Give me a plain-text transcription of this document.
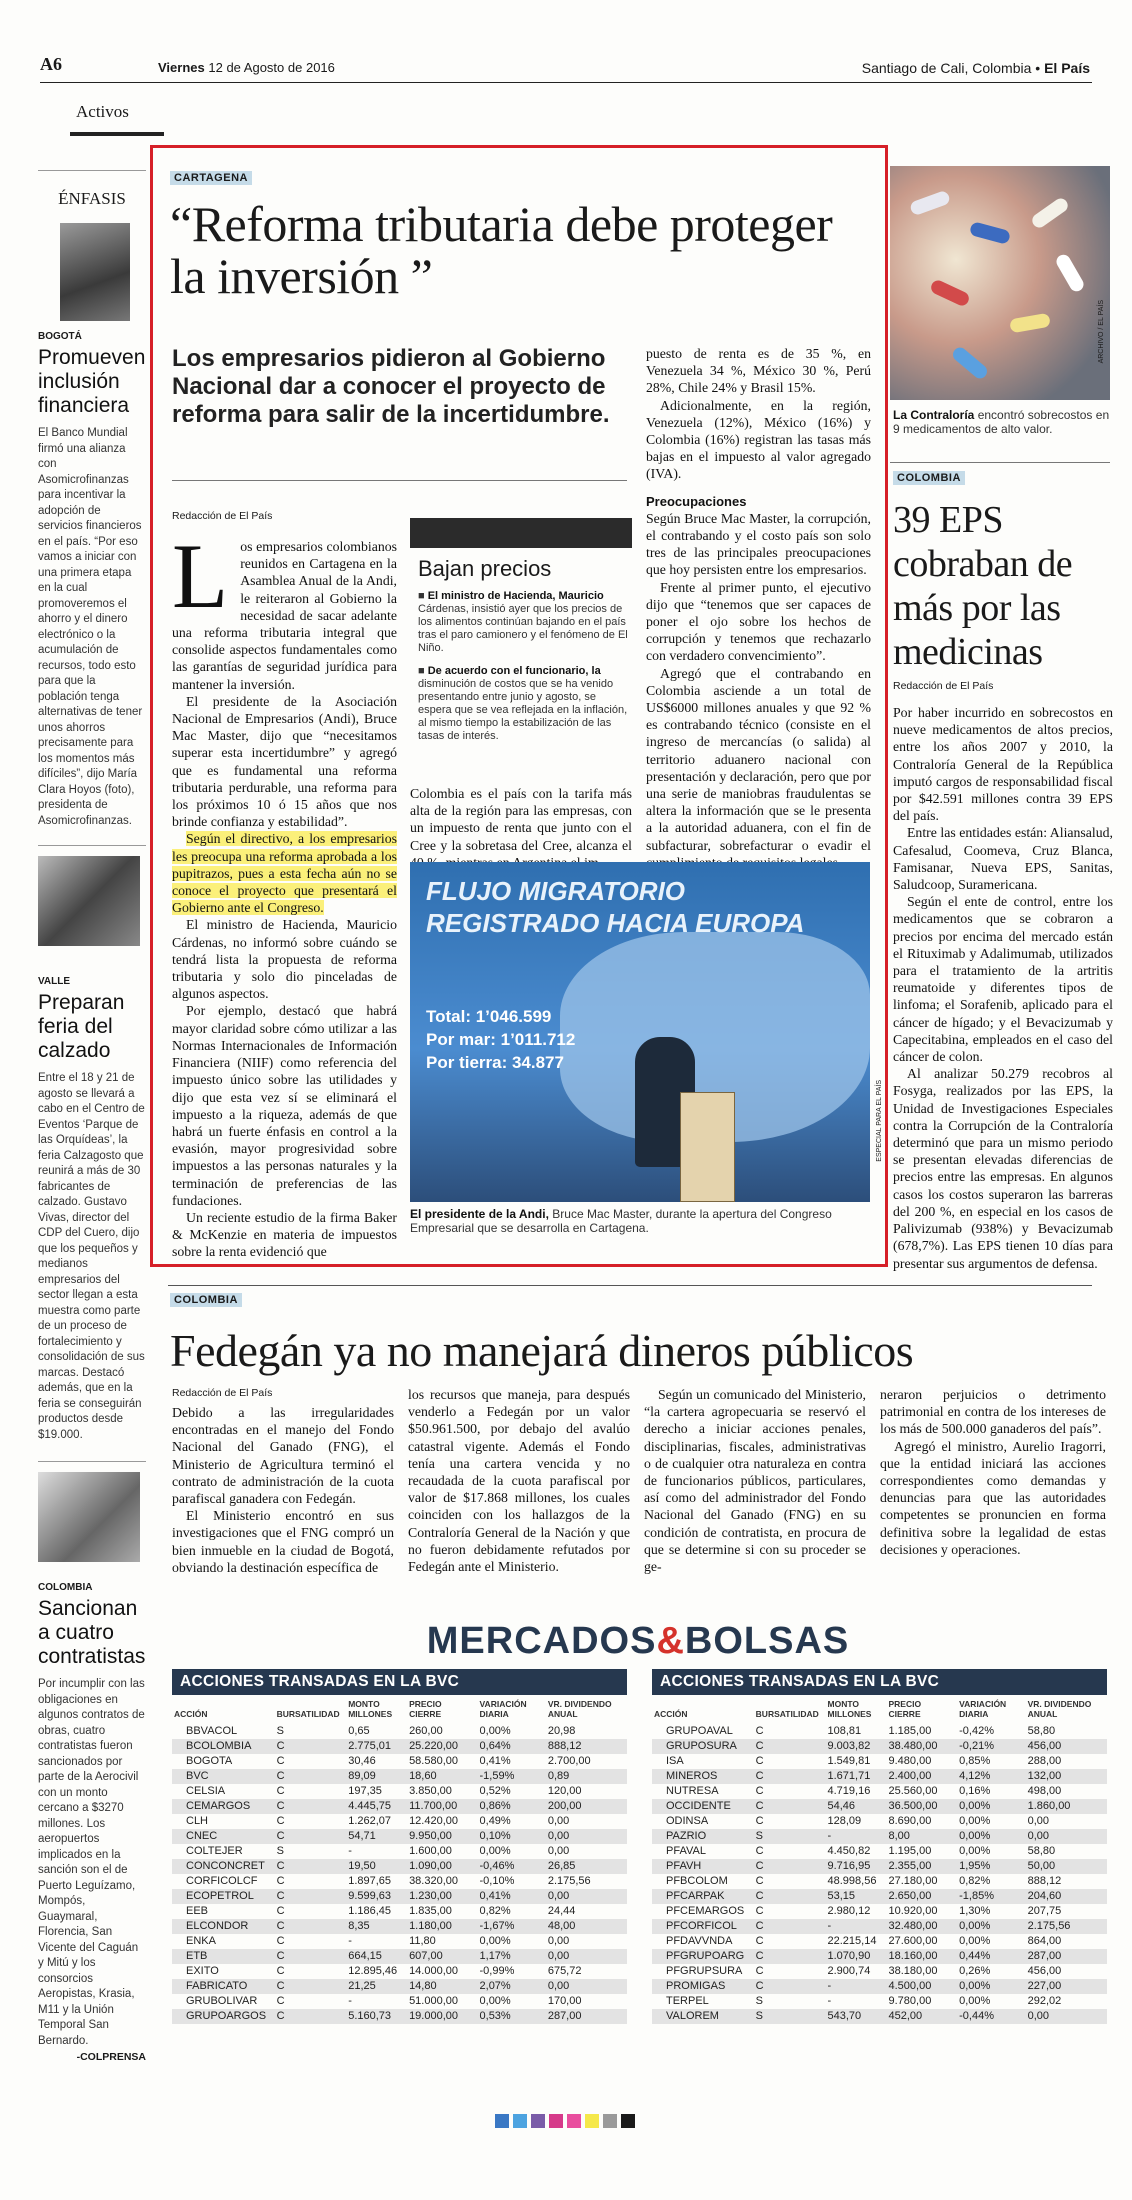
A6	Viernes 12 de Agosto de 2016	Santiago de Cali, Colombia • El País
Activos
ÉNFASIS
BOGOTÁ
Promueven inclusión financiera
El Banco Mundial firmó una alianza con Asomicrofinanzas para incentivar la adopción de servicios financieros en el país. “Por eso vamos a iniciar con una primera etapa en la cual promoveremos el ahorro y el dinero electrónico o la acumulación de recursos, todo esto para que la población tenga alternativas de tener unos ahorros precisamente para los momentos más difíciles”, dijo María Clara Hoyos (foto), presidenta de Asomicrofinanzas.
VALLE
Preparan feria del calzado
Entre el 18 y 21 de agosto se llevará a cabo en el Centro de Eventos ‘Parque de las Orquídeas’, la feria Calzagosto que reunirá a más de 30 fabricantes de calzado. Gustavo Vivas, director del CDP del Cuero, dijo que los pequeños y medianos empresarios del sector llegan a esta muestra como parte de un proceso de fortalecimiento y consolidación de sus marcas. Destacó además, que en la feria se conseguirán productos desde $19.000.
COLOMBIA
Sancionan a cuatro contratistas
Por incumplir con las obligaciones en algunos contratos de obras, cuatro contratistas fueron sancionados por parte de la Aerocivil con un monto cercano a $3270 millones. Los aeropuertos implicados en la sanción son el de Puerto Leguízamo, Mompós, Guaymaral, Florencia, San Vicente del Caguán y Mitú y los consorcios Aeropistas, Krasia, M11 y la Unión Temporal San Bernardo.
-COLPRENSA
CARTAGENA
“Reforma tributaria debe proteger la inversión ”
Los empresarios pidieron al Gobierno Nacional dar a conocer el proyecto de reforma para salir de la incertidumbre.
Redacción de El País
Los empresarios colombianos reunidos en Cartagena en la Asamblea Anual de la Andi, le reiteraron al Gobierno la necesidad de sacar adelante una reforma tributaria integral que consolide aspectos fundamentales como las garantías de seguridad jurídica para mantener la inversión.

El presidente de la Asociación Nacional de Empresarios (Andi), Bruce Mac Master, dijo que “necesitamos superar esta incertidumbre” y agregó que es fundamental una reforma tributaria perdurable, una reforma para los próximos 10 ó 15 años que nos brinde confianza y estabilidad”.

Según el directivo, a los empresarios les preocupa una reforma aprobada a los pupitrazos, pues a esta fecha aún no se conoce el proyecto que presentará el Gobierno ante el Congreso.

El ministro de Hacienda, Mauricio Cárdenas, no informó sobre cuándo se tendrá lista la propuesta de reforma tributaria y solo dio pinceladas de algunos aspectos.

Por ejemplo, destacó que habrá mayor claridad sobre cómo utilizar a las Normas Internacionales de Información Financiera (NIIF) como referencia del impuesto único sobre las utilidades y dijo que esta vez sí se eliminará el impuesto a la riqueza, además de que habrá un fuerte énfasis en control a la evasión, mayor progresividad sobre impuestos a las personas naturales y la terminación de preferencias de las fundaciones.

Un reciente estudio de la firma Baker & McKenzie en materia de impuestos sobre la renta evidenció que

Bajan precios
■ El ministro de Hacienda, Mauricio Cárdenas, insistió ayer que los precios de los alimentos continúan bajando en el país tras el paro camionero y el fenómeno de El Niño.
■ De acuerdo con el funcionario, la disminución de costos que se ha venido presentando entre junio y agosto, se espera que se vea reflejada en la inflación, al mismo tiempo la estabilización de las tasas de interés.
Colombia es el país con la tarifa más alta de la región para las empresas, con un impuesto de renta que junto con el Cree y la sobretasa del Cree, alcanza el

puesto de renta es de 35 %, en Venezuela 34 %, México 30 %, Perú 28%, Chile 24% y Brasil 15%.

Adicionalmente, en la región, Venezuela (12%), México (16%) y Colombia (16%) registran las tasas más bajas en el impuesto al valor agregado (IVA).

Preocupaciones

Según Bruce Mac Master, la corrupción, el contrabando y el costo país son solo tres de las principales preocupaciones que hoy persisten entre los empresarios.

Frente al primer punto, el ejecutivo dijo que “tenemos que ser capaces de poner el ojo sobre los hechos de corrupción y tenemos que rechazarlo con verdadero convencimiento”.

Agregó que el contrabando en Colombia asciende a un total de US$6000 millones anuales y que 92 % es contrabando técnico (consiste en el ingreso de mercancías (o salida) al territorio aduanero nacional con presentación y declaración, pero que por una serie de maniobras fraudulentas se altera la información que se le presenta a la autoridad aduanera, con el fin de subfacturar, sobrefacturar o evadir el

FLUJO MIGRATORIO
REGISTRADO HACIA EUROPA
Total: 1’046.599
Por mar: 1’011.712
Por tierra: 34.877
ESPECIAL PARA EL PAÍS
El presidente de la Andi, Bruce Mac Master, durante la apertura del Congreso Empresarial que se desarrolla en Cartagena.
ARCHIVO / EL PAÍS
La Contraloría encontró sobrecostos en 9 medicamentos de alto valor.
COLOMBIA
39 EPS cobraban de más por las medicinas
Redacción de El País

Por haber incurrido en sobrecostos en nueve medicamentos de altos precios, entre los años 2007 y 2010, la Contraloría General de la República imputó cargos de responsabilidad fiscal por $42.591 millones contra 39 EPS del país.

Entre las entidades están: Aliansalud, Cafesalud, Coomeva, Cruz Blanca, Famisanar, Nueva EPS, Sanitas, Saludcoop, Suramericana.

Según el ente de control, entre los medicamentos que se cobraron a precios por encima del mercado están el Rituximab y Adalimumab, utilizados para el tratamiento de la artritis reumatoide y diferentes tipos de linfoma; el Sorafenib, aplicado para el cáncer de hígado; y el Bevacizumab y Capecitabina, empleados en el caso del cáncer de colon.

Al analizar 50.279 recobros al Fosyga, realizados por las EPS, la Unidad de Investigaciones Especiales contra la Corrupción de la Contraloría determinó que para un mismo periodo se presentan elevadas diferencias de precios entre las empresas. En algunos casos los costos superaron las barreras del 200 %, en especial en los casos de Palivizumab (938%) y Bevacizumab (678,7%). Las EPS tienen 10 días para presentar sus argumentos de defensa.

COLOMBIA
Fedegán ya no manejará dineros públicos
Redacción de El País

Debido a las irregularidades encontradas en el manejo del Fondo Nacional del Ganado (FNG), el Ministerio de Agricultura terminó el contrato de administración de la cuota parafiscal ganadera con Fedegán.

El Ministerio encontró en sus investigaciones que el FNG compró un bien inmueble en la ciudad de Bogotá, obviando la destinación específica de

los recursos que maneja, para después venderlo a Fedegán por un valor $50.961.500, por debajo del avalúo catastral vigente. Además el Fondo tenía una cartera vencida y no recaudada de la cuota parafiscal por valor de $17.868 millones, los cuales coinciden con los hallazgos de la Contraloría General de la Nación y que no fueron debidamente refutados por Fedegán ante el Ministerio.
Según un comunicado del Ministerio, “la cartera agropecuaria se reservó el derecho a iniciar acciones penales, disciplinarias, fiscales, administrativas o de cualquier otra naturaleza en contra de funcionarios públicos, particulares, así como del administrador del Fondo Nacional del Ganado (FNG) en su condición de contratista, en procura de que se determine si con su proceder se ge-

neraron perjuicios o detrimento patrimonial en contra de los intereses de los más de 500.000 ganaderos del país”.

Agregó el ministro, Aurelio Iragorri, que la entidad iniciará las acciones correspondientes como demandas y denuncias para que las autoridades competentes se pronuncien en forma definitiva sobre la legalidad de estas decisiones y operaciones.

MERCADOS&BOLSAS
ACCIONES TRANSADAS EN LA BVC
ACCIÓN	BURSATILIDAD	MONTO MILLONES	PRECIO CIERRE	VARIACIÓN DIARIA	VR. DIVIDENDO ANUAL
BBVACOL	S	0,65	260,00	0,00%	20,98
BCOLOMBIA	C	2.775,01	25.220,00	0,64%	888,12
BOGOTA	C	30,46	58.580,00	0,41%	2.700,00
BVC	C	89,09	18,60	-1,59%	0,89
CELSIA	C	197,35	3.850,00	0,52%	120,00
CEMARGOS	C	4.445,75	11.700,00	0,86%	200,00
CLH	C	1.262,07	12.420,00	0,49%	0,00
CNEC	C	54,71	9.950,00	0,10%	0,00
COLTEJER	S	-	1.600,00	0,00%	0,00
CONCONCRET	C	19,50	1.090,00	-0,46%	26,85
CORFICOLCF	C	1.897,65	38.320,00	-0,10%	2.175,56
ECOPETROL	C	9.599,63	1.230,00	0,41%	0,00
EEB	C	1.186,45	1.835,00	0,82%	24,44
ELCONDOR	C	8,35	1.180,00	-1,67%	48,00
ENKA	C	-	11,80	0,00%	0,00
ETB	C	664,15	607,00	1,17%	0,00
EXITO	C	12.895,46	14.000,00	-0,99%	675,72
FABRICATO	C	21,25	14,80	2,07%	0,00
GRUBOLIVAR	C	-	51.000,00	0,00%	170,00
GRUPOARGOS	C	5.160,73	19.000,00	0,53%	287,00
ACCIONES TRANSADAS EN LA BVC
ACCIÓN	BURSATILIDAD	MONTO MILLONES	PRECIO CIERRE	VARIACIÓN DIARIA	VR. DIVIDENDO ANUAL
GRUPOAVAL	C	108,81	1.185,00	-0,42%	58,80
GRUPOSURA	C	9.003,82	38.480,00	-0,21%	456,00
ISA	C	1.549,81	9.480,00	0,85%	288,00
MINEROS	C	1.671,71	2.400,00	4,12%	132,00
NUTRESA	C	4.719,16	25.560,00	0,16%	498,00
OCCIDENTE	C	54,46	36.500,00	0,00%	1.860,00
ODINSA	C	128,09	8.690,00	0,00%	0,00
PAZRIO	S	-	8,00	0,00%	0,00
PFAVAL	C	4.450,82	1.195,00	0,00%	58,80
PFAVH	C	9.716,95	2.355,00	1,95%	50,00
PFBCOLOM	C	48.998,56	27.180,00	0,82%	888,12
PFCARPAK	C	53,15	2.650,00	-1,85%	204,60
PFCEMARGOS	C	2.980,12	10.920,00	1,30%	207,75
PFCORFICOL	C	-	32.480,00	0,00%	2.175,56
PFDAVVNDA	C	22.215,14	27.600,00	0,00%	864,00
PFGRUPOARG	C	1.070,90	18.160,00	0,44%	287,00
PFGRUPSURA	C	2.900,74	38.180,00	0,26%	456,00
PROMIGAS	C	-	4.500,00	0,00%	227,00
TERPEL	S	-	9.780,00	0,00%	292,02
VALOREM	S	543,70	452,00	-0,44%	0,00
